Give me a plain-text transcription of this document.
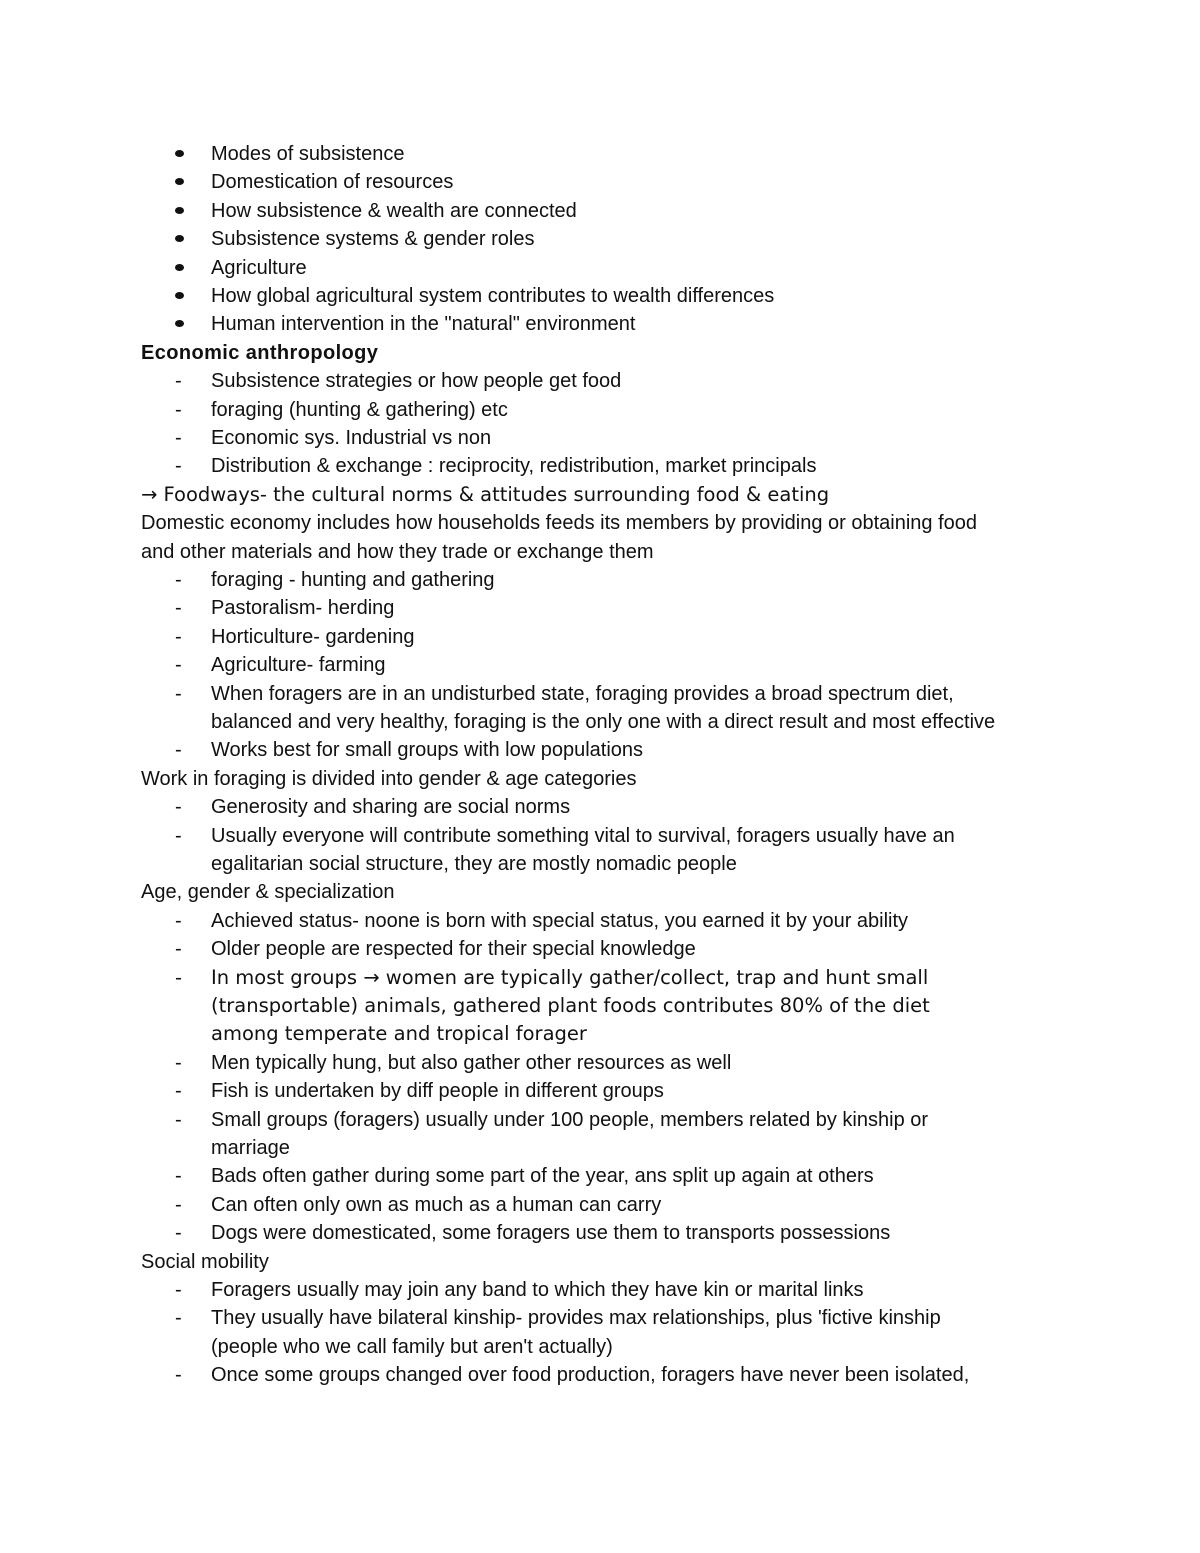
Modes of subsistence
Domestication of resources
How subsistence & wealth are connected
Subsistence systems & gender roles
Agriculture
How global agricultural system contributes to wealth differences
Human intervention in the "natural" environment
Economic anthropology
- Subsistence strategies or how people get food
- foraging (hunting & gathering) etc
- Economic sys. Industrial vs non
- Distribution & exchange : reciprocity, redistribution, market principals
→ Foodways- the cultural norms & attitudes surrounding food & eating
Domestic economy includes how households feeds its members by providing or obtaining food
and other materials and how they trade or exchange them
- foraging - hunting and gathering
- Pastoralism- herding
- Horticulture- gardening
- Agriculture- farming
- When foragers are in an undisturbed state, foraging provides a broad spectrum diet,
balanced and very healthy, foraging is the only one with a direct result and most effective
- Works best for small groups with low populations
Work in foraging is divided into gender & age categories
- Generosity and sharing are social norms
- Usually everyone will contribute something vital to survival, foragers usually have an
egalitarian social structure, they are mostly nomadic people
Age, gender & specialization
- Achieved status- noone is born with special status, you earned it by your ability
- Older people are respected for their special knowledge
- In most groups → women are typically gather/collect, trap and hunt small
(transportable) animals, gathered plant foods contributes 80% of the diet
among temperate and tropical forager
- Men typically hung, but also gather other resources as well
- Fish is undertaken by diff people in different groups
- Small groups (foragers) usually under 100 people, members related by kinship or
marriage
- Bads often gather during some part of the year, ans split up again at others
- Can often only own as much as a human can carry
- Dogs were domesticated, some foragers use them to transports possessions
Social mobility
- Foragers usually may join any band to which they have kin or marital links
- They usually have bilateral kinship- provides max relationships, plus 'fictive kinship
(people who we call family but aren't actually)
- Once some groups changed over food production, foragers have never been isolated,
